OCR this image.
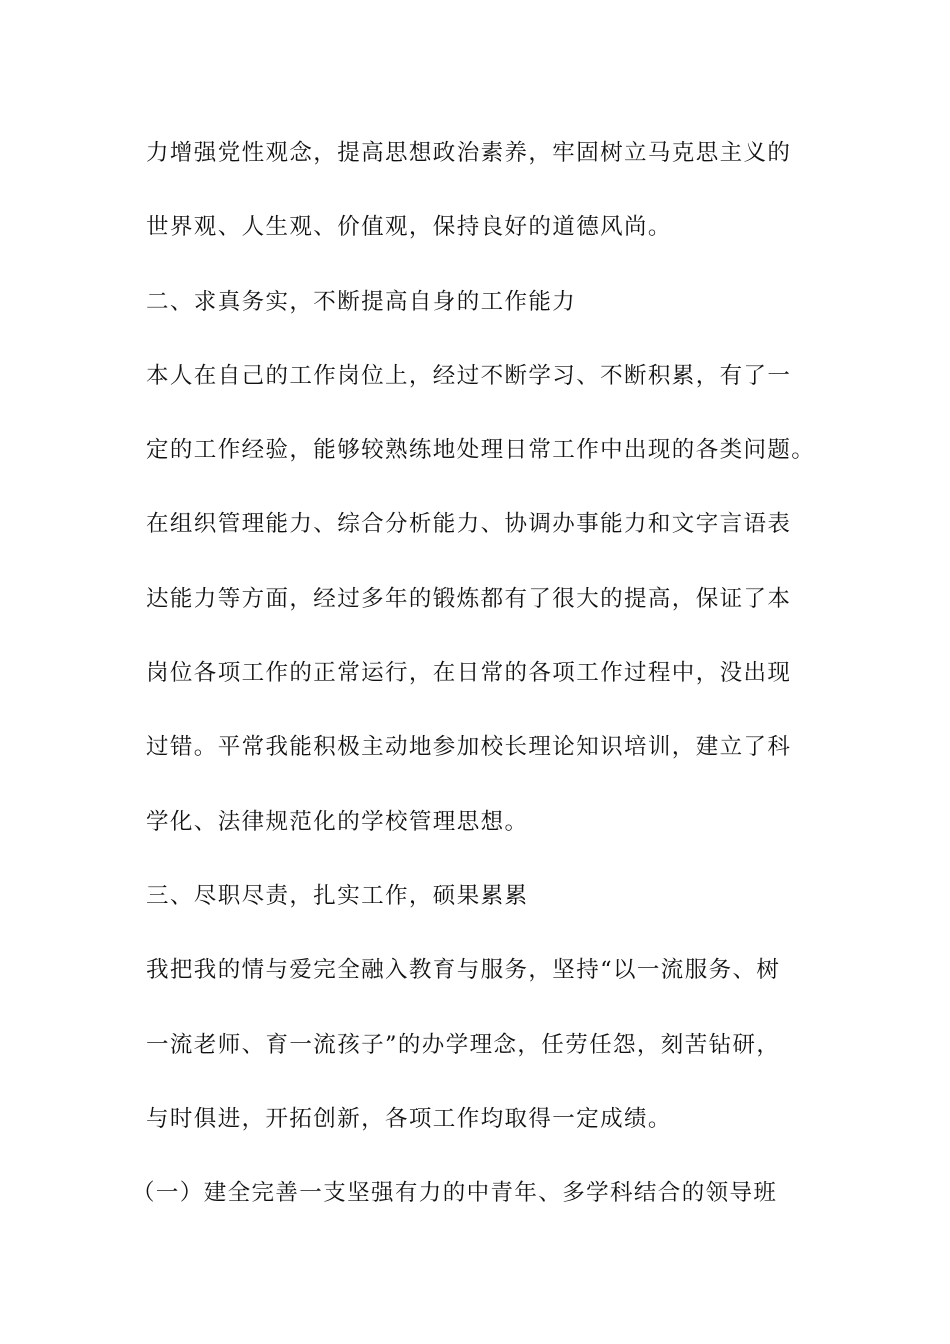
力增强党性观念，提高思想政治素养，牢固树立马克思主义的
世界观、人生观、价值观，保持良好的道德风尚。
二、求真务实，不断提高自身的工作能力
本人在自己的工作岗位上，经过不断学习、不断积累，有了一
定的工作经验，能够较熟练地处理日常工作中出现的各类问题。
在组织管理能力、综合分析能力、协调办事能力和文字言语表
达能力等方面，经过多年的锻炼都有了很大的提高，保证了本
岗位各项工作的正常运行，在日常的各项工作过程中，没出现
过错。平常我能积极主动地参加校长理论知识培训，建立了科
学化、法律规范化的学校管理思想。
三、尽职尽责，扎实工作，硕果累累
我把我的情与爱完全融入教育与服务，坚持“以一流服务、树
一流老师、育一流孩子”的办学理念，任劳任怨，刻苦钻研，
与时俱进，开拓创新，各项工作均取得一定成绩。
（一）建全完善一支坚强有力的中青年、多学科结合的领导班
